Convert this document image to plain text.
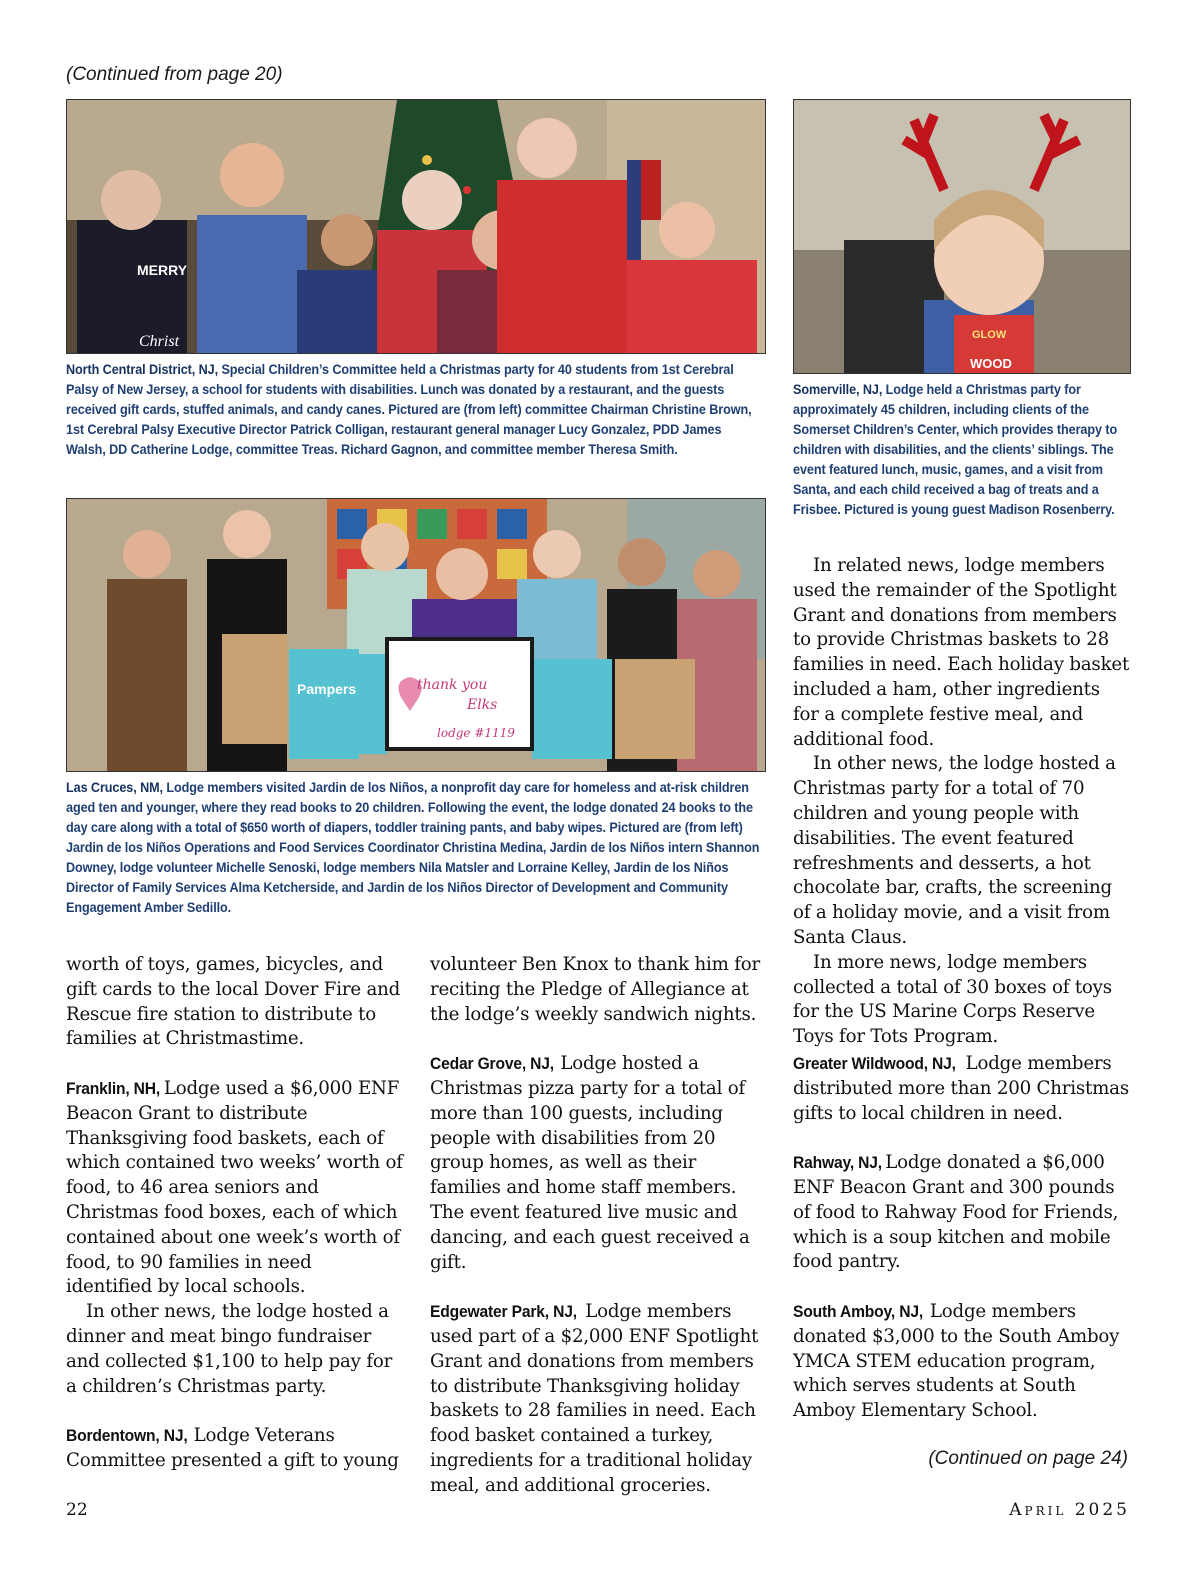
(Continued from page 20)
MERRY
Christ	GLOW
WOOD
North Central District, NJ, Special Children’s Committee held a Christmas party for 40 students from 1st Cerebral Palsy of New Jersey, a school for students with disabilities. Lunch was donated by a restaurant, and the guests received gift cards, stuffed animals, and candy canes. Pictured are (from left) committee Chairman Christine Brown, 1st Cerebral Palsy Executive Director Patrick Colligan, restaurant general manager Lucy Gonzalez, PDD James Walsh, DD Catherine Lodge, committee Treas. Richard Gagnon, and committee member Theresa Smith.
Somerville, NJ, Lodge held a Christmas party for approximately 45 children, including clients of the Somerset Children’s Center, which provides therapy to children with disabilities, and the clients’ siblings. The event featured lunch, music, games, and a visit from Santa, and each child received a bag of treats and a Frisbee. Pictured is young guest Madison Rosenberry.
Pampers	thank you
Elks
lodge #1119
Las Cruces, NM, Lodge members visited Jardin de los Niños, a nonprofit day care for homeless and at-risk children aged ten and younger, where they read books to 20 children. Following the event, the lodge donated 24 books to the day care along with a total of $650 worth of diapers, toddler training pants, and baby wipes. Pictured are (from left) Jardin de los Niños Operations and Food Services Coordinator Christina Medina, Jardin de los Niños intern Shannon Downey, lodge volunteer Michelle Senoski, lodge members Nila Matsler and Lorraine Kelley, Jardin de los Niños Director of Family Services Alma Ketcherside, and Jardin de los Niños Director of Development and Community Engagement Amber Sedillo.

In related news, lodge members used the remainder of the Spotlight Grant and donations from members to provide Christmas baskets to 28 families in need. Each holiday basket included a ham, other ingredients for a complete festive meal, and additional food.

In other news, the lodge hosted a Christmas party for a total of 70 children and young people with disabilities. The event featured refreshments and desserts, a hot chocolate bar, crafts, the screening of a holiday movie, and a visit from Santa Claus.

In more news, lodge members collected a total of 30 boxes of toys for the US Marine Corps Reserve Toys for Tots Program.

worth of toys, games, bicycles, and gift cards to the local Dover Fire and Rescue fire station to distribute to families at Christmastime.

Franklin, NH, Lodge used a $6,000 ENF Beacon Grant to distribute Thanksgiving food baskets, each of which contained two weeks’ worth of food, to 46 area seniors and Christmas food boxes, each of which contained about one week’s worth of food, to 90 families in need identified by local schools.

In other news, the lodge hosted a dinner and meat bingo fundraiser and collected $1,100 to help pay for a children’s Christmas party.

Bordentown, NJ, Lodge Veterans Committee presented a gift to young

volunteer Ben Knox to thank him for reciting the Pledge of Allegiance at the lodge’s weekly sandwich nights.

Cedar Grove, NJ, Lodge hosted a Christmas pizza party for a total of more than 100 guests, including people with disabilities from 20 group homes, as well as their families and home staff members. The event featured live music and dancing, and each guest received a gift.

Edgewater Park, NJ, Lodge members used part of a $2,000 ENF Spotlight Grant and donations from members to distribute Thanksgiving holiday baskets to 28 families in need. Each food basket contained a turkey, ingredients for a traditional holiday meal, and additional groceries.

Greater Wildwood, NJ, Lodge members distributed more than 200 Christmas gifts to local children in need.

Rahway, NJ, Lodge donated a $6,000 ENF Beacon Grant and 300 pounds of food to Rahway Food for Friends, which is a soup kitchen and mobile food pantry.

South Amboy, NJ, Lodge members donated $3,000 to the South Amboy YMCA STEM education program, which serves students at South Amboy Elementary School.

(Continued on page 24)
22	April 2025
